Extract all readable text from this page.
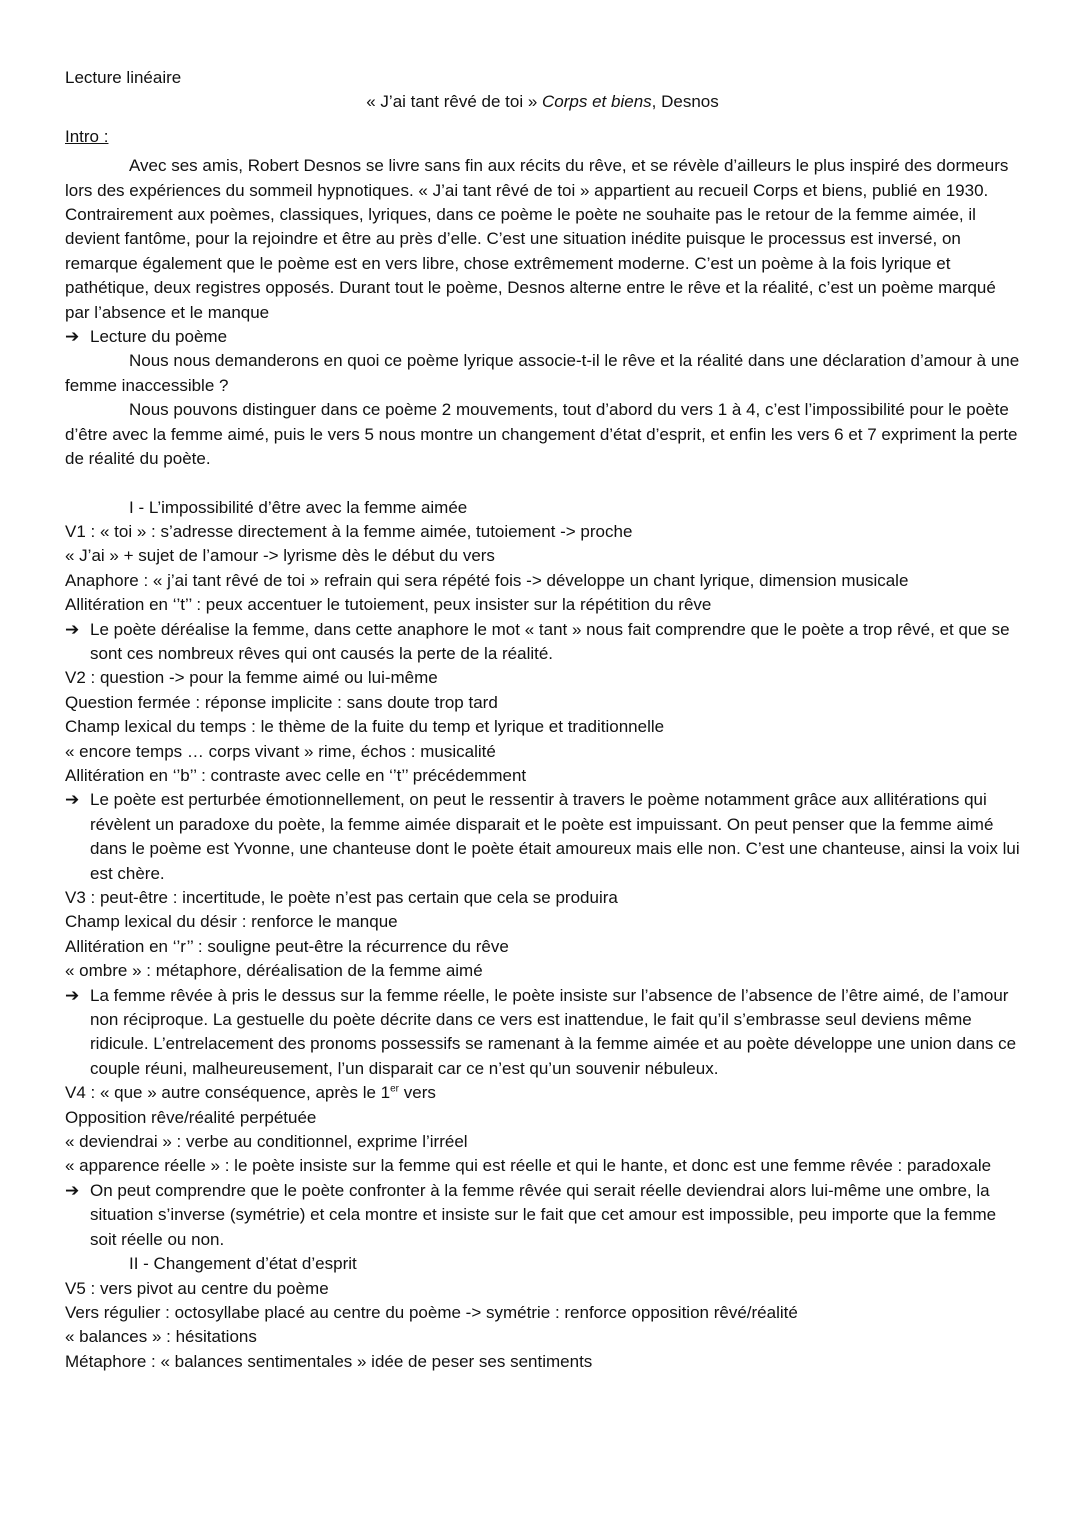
Lecture linéaire
« J’ai tant rêvé de toi » Corps et biens, Desnos
Intro :
Avec ses amis, Robert Desnos se livre sans fin aux récits du rêve, et se révèle d’ailleurs le plus inspiré des dormeurs lors des expériences du sommeil hypnotiques. « J’ai tant rêvé de toi » appartient au recueil Corps et biens, publié en 1930. Contrairement aux poèmes, classiques, lyriques, dans ce poème le poète ne souhaite pas le retour de la femme aimée, il devient fantôme, pour la rejoindre et être au près d’elle. C’est une situation inédite puisque le processus est inversé, on remarque également que le poème est en vers libre, chose extrêmement moderne. C’est un poème à la fois lyrique et pathétique, deux registres opposés. Durant tout le poème, Desnos alterne entre le rêve et la réalité, c’est un poème marqué par l’absence et le manque
➔ Lecture du poème
Nous nous demanderons en quoi ce poème lyrique associe-t-il le rêve et la réalité dans une déclaration d’amour à une femme inaccessible ?
Nous pouvons distinguer dans ce poème 2 mouvements, tout d’abord du vers 1 à 4, c’est l’impossibilité pour le poète d’être avec la femme aimé, puis le vers 5 nous montre un changement d’état d’esprit, et enfin les vers 6 et 7 expriment la perte de réalité du poète.
I - L’impossibilité d’être avec la femme aimée
V1 : « toi » : s’adresse directement à la femme aimée, tutoiement -> proche
« J’ai » + sujet de l’amour -> lyrisme dès le début du vers
Anaphore : « j’ai tant rêvé de toi » refrain qui sera répété fois -> développe un chant lyrique, dimension musicale
Allitération en ‘’t’’ : peux accentuer le tutoiement, peux insister sur la répétition du rêve
➔ Le poète déréalise la femme, dans cette anaphore le mot « tant » nous fait comprendre que le poète a trop rêvé, et que se sont ces nombreux rêves qui ont causés la perte de la réalité.
V2 : question -> pour la femme aimé ou lui-même
Question fermée : réponse implicite : sans doute trop tard
Champ lexical du temps : le thème de la fuite du temp et lyrique et traditionnelle
« encore temps … corps vivant » rime, échos : musicalité
Allitération en ‘’b’’ : contraste avec celle en ‘’t’’ précédemment
➔ Le poète est perturbée émotionnellement, on peut le ressentir à travers le poème notamment grâce aux allitérations qui révèlent un paradoxe du poète, la femme aimée disparait et le poète est impuissant. On peut penser que la femme aimé dans le poème est Yvonne, une chanteuse dont le poète était amoureux mais elle non. C’est une chanteuse, ainsi la voix lui est chère.
V3 : peut-être : incertitude, le poète n’est pas certain que cela se produira
Champ lexical du désir : renforce le manque
Allitération en ‘’r’’ : souligne peut-être la récurrence du rêve
« ombre » : métaphore, déréalisation de la femme aimé
➔ La femme rêvée à pris le dessus sur la femme réelle, le poète insiste sur l’absence de l’absence de l’être aimé, de l’amour non réciproque. La gestuelle du poète décrite dans ce vers est inattendue, le fait qu’il s’embrasse seul deviens même ridicule. L’entrelacement des pronoms possessifs se ramenant à la femme aimée et au poète développe une union dans ce couple réuni, malheureusement, l’un disparait car ce n’est qu’un souvenir nébuleux.
V4 : « que » autre conséquence, après le 1er vers
Opposition rêve/réalité perpétuée
« deviendrai » : verbe au conditionnel, exprime l’irréel
« apparence réelle » : le poète insiste sur la femme qui est réelle et qui le hante, et donc est une femme rêvée : paradoxale
➔ On peut comprendre que le poète confronter à la femme rêvée qui serait réelle deviendrai alors lui-même une ombre, la situation s’inverse (symétrie) et cela montre et insiste sur le fait que cet amour est impossible, peu importe que la femme soit réelle ou non.
II - Changement d’état d’esprit
V5 : vers pivot au centre du poème
Vers régulier : octosyllabe placé au centre du poème -> symétrie : renforce opposition rêvé/réalité
« balances » : hésitations
Métaphore : « balances sentimentales » idée de peser ses sentiments
